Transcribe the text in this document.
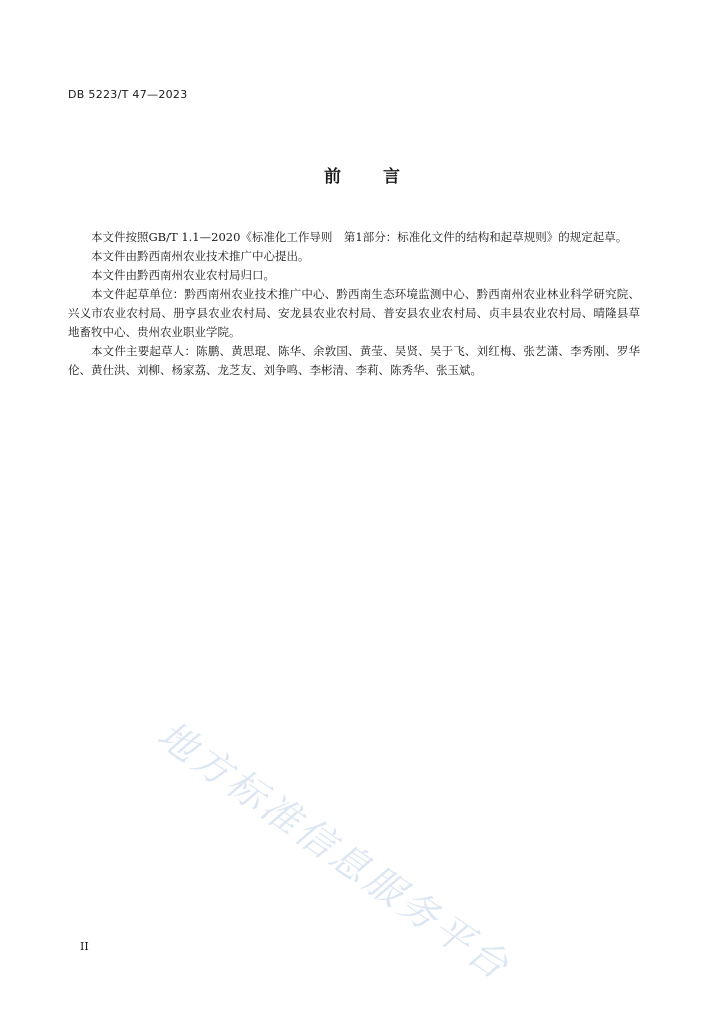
DB 5223/T 47—2023
前 言

本文件按照GB/T 1.1—2020《标准化工作导则　第1部分：标准化文件的结构和起草规则》的规定起草。

本文件由黔西南州农业技术推广中心提出。

本文件由黔西南州农业农村局归口。

本文件起草单位：黔西南州农业技术推广中心、黔西南生态环境监测中心、黔西南州农业林业科学研究院、兴义市农业农村局、册亨县农业农村局、安龙县农业农村局、普安县农业农村局、贞丰县农业农村局、晴隆县草地畜牧中心、贵州农业职业学院。

本文件主要起草人：陈鹏、黄思琨、陈华、余敦国、黄莹、吴贤、吴于飞、刘红梅、张艺潇、李秀刚、罗华伦、黄仕洪、刘柳、杨家荔、龙芝友、刘争鸣、李彬清、李莉、陈秀华、张玉斌。

地方标准信息服务平台
II
